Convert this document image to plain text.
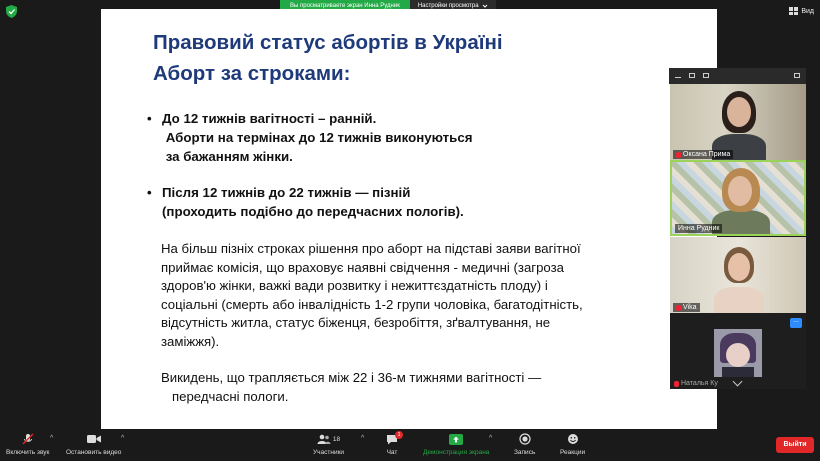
Вы просматриваете экран Инна Рудник	Настройки просмотра
Вид
Правовий статус абортів в Україні
Аборт за строками:
• До 12 тижнів вагітності – ранній.
Аборти на термінах до 12 тижнів виконуються
за бажанням жінки.
• Після 12 тижнів до 22 тижнів — пізній
(проходить подібно до передчасних пологів).
На більш пізніх строках рішення про аборт на підставі заяви вагітної
приймає комісія, що враховує наявні свідчення - медичні (загроза
здоров'ю жінки, важкі вади розвитку і нежиттєздатність плоду) і
соціальні (смерть або інвалідність 1-2 групи чоловіка, багатодітність,
відсутність житла, статус біженця, безробіття, зґвалтування, не
заміжжя).
Викидень, що трапляється між 22 і 36-м тижнями вагітності —
передчасні пологи.
Оксана Прима
Инна Рудник
Vika
...
Наталья Ку
Включить звук
^
Остановить видео
^	18
Участники
^	1
Чат	Демонстрация экрана
^
Запись	Реакции
Выйти
